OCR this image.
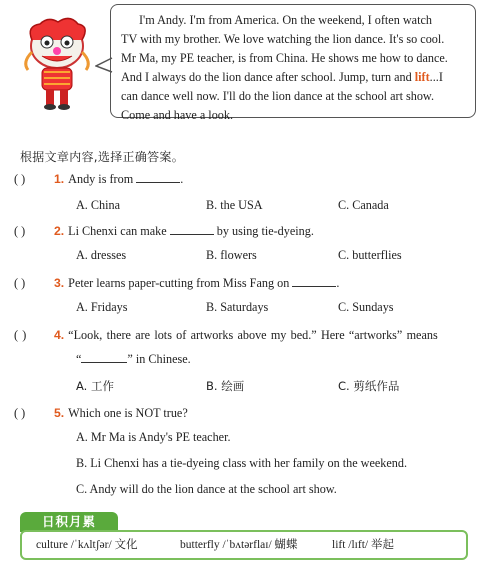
I'm Andy. I'm from America. On the weekend, I often watch
TV with my brother. We love watching the lion dance. It's so cool.
Mr Ma, my PE teacher, is from China. He shows me how to dance.
And I always do the lion dance after school. Jump, turn and lift...I
can dance well now. I'll do the lion dance at the school art show.
Come and have a look.
根据文章内容,选择正确答案。
( ) 1. Andy is from	.
A. China	B. the USA	C. Canada
( ) 2. Li Chenxi can make	by using tie-dyeing.
A. dresses	B. flowers	C. butterflies
( ) 3. Peter learns paper-cutting from Miss Fang on	.
A. Fridays	B. Saturdays	C. Sundays
( ) 4. “Look, there are lots of artworks above my bed.” Here “artworks” means
“	” in Chinese.
A. 工作	B. 绘画	C. 剪纸作品
( ) 5. Which one is NOT true?
A. Mr Ma is Andy's PE teacher.
B. Li Chenxi has a tie-dyeing class with her family on the weekend.
C. Andy will do the lion dance at the school art show.
日积月累
culture /ˈkʌltʃər/ 文化	butterfly /ˈbʌtərflaɪ/ 蝴蝶	lift /lɪft/ 举起
